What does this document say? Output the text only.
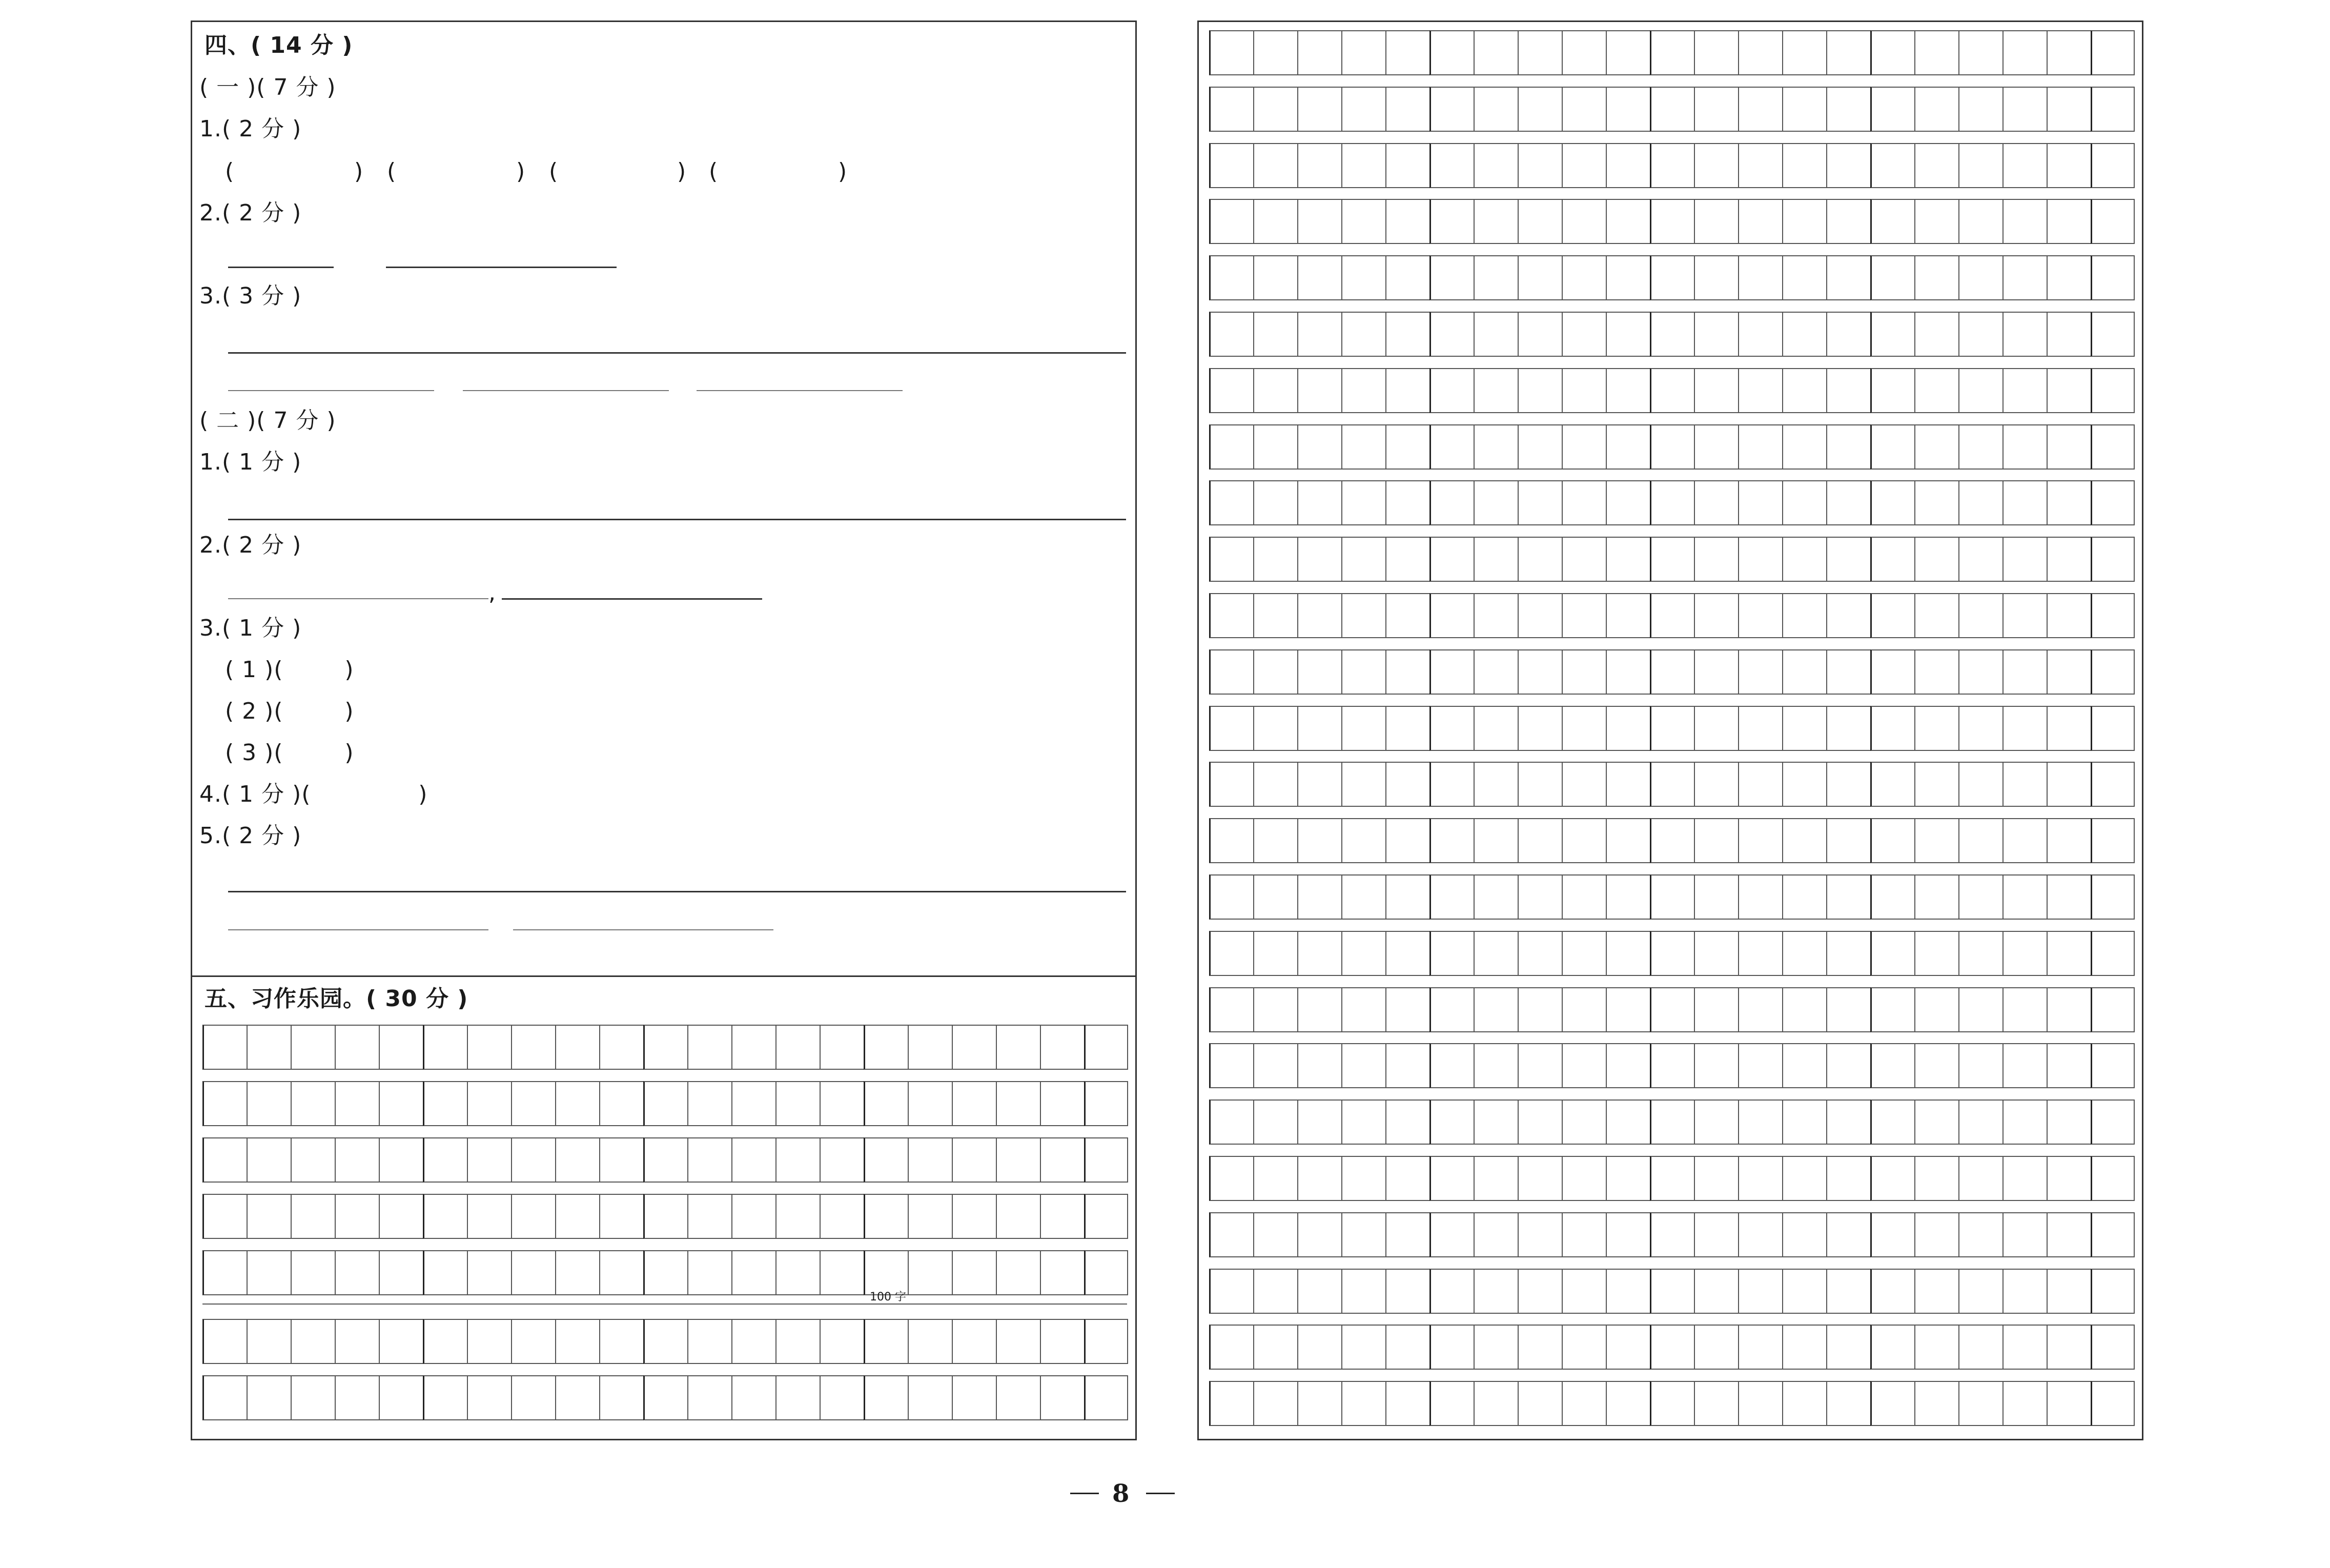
四、( 14 分 )
( 一 )( 7 分 )
1.( 2 分 )
(	) (	) (	) (	)
2.( 2 分 )
3.( 3 分 )
( 二 )( 7 分 )
1.( 1 分 )
2.( 2 分 )
,
3.( 1 分 )
( 1 )(        )
( 2 )(        )
( 3 )(        )
4.( 1 分 )(              )
5.( 2 分 )
五、习作乐园。( 30 分 )
100 字
8
